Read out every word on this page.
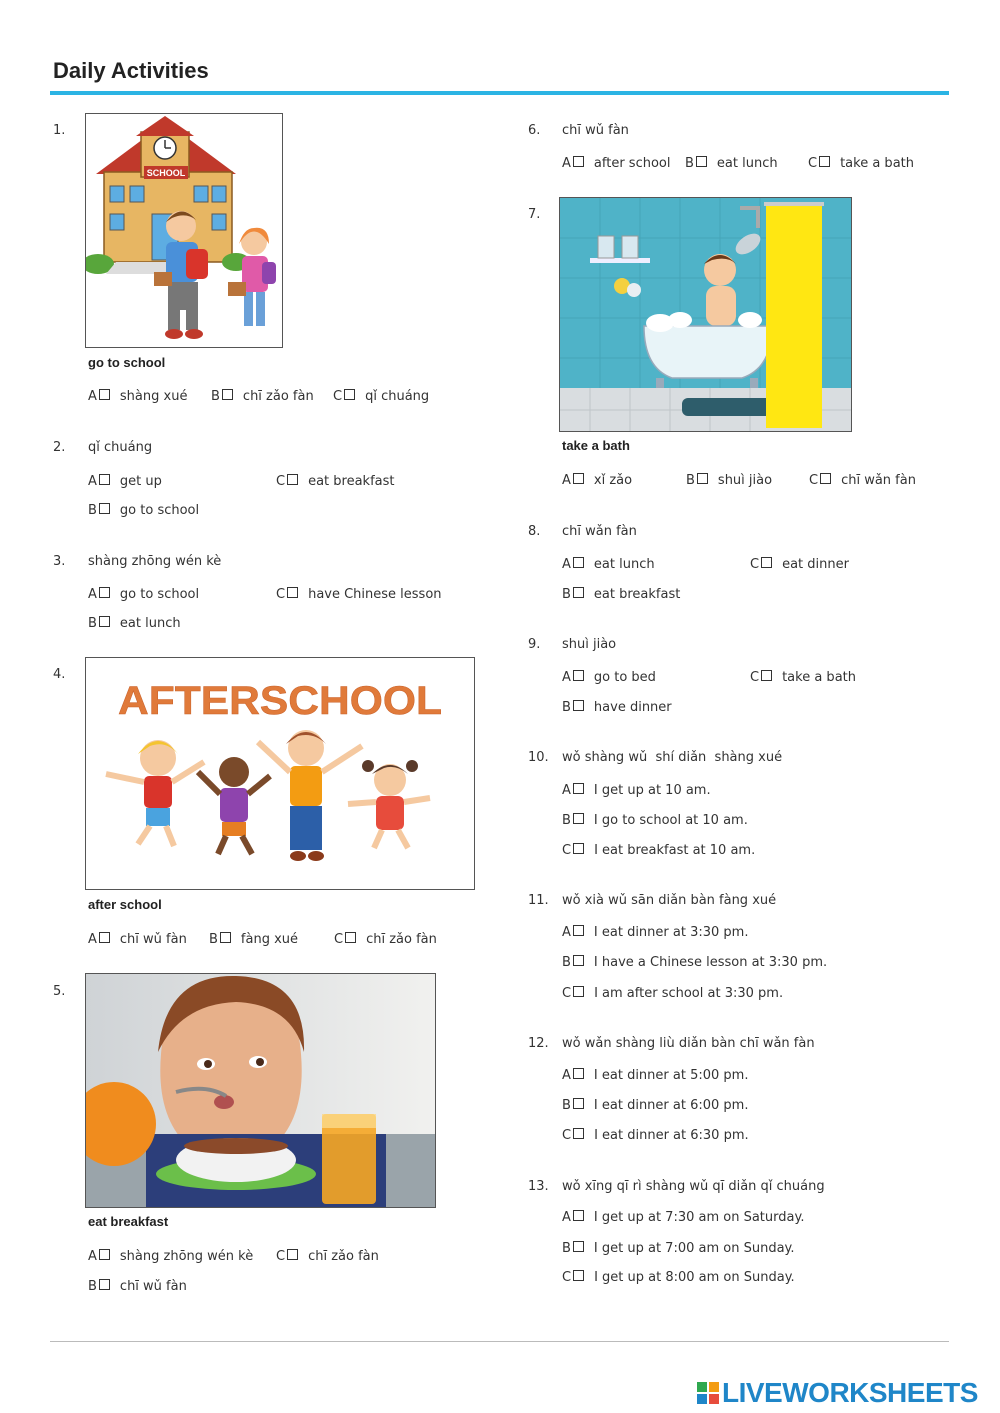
Daily Activities
1.
SCHOOL
go to school
A shàng xué B chī zǎo fàn C qǐ chuáng
2. qǐ chuáng
A get up	C eat breakfast
B go to school
3. shàng zhōng wén kè
A go to school	C have Chinese lesson
B eat lunch
4.
AFTERSCHOOL
after school
A chī wǔ fàn B fàng xué	C chī zǎo fàn
5.
eat breakfast
A shàng zhōng wén kè C chī zǎo fàn
B chī wǔ fàn
6. chī wǔ fàn
A after school B eat lunch C take a bath
7.
take a bath
A xǐ zǎo	B shuì jiào	C chī wǎn fàn
8. chī wǎn fàn
A eat lunch	C eat dinner
B eat breakfast
9. shuì jiào
A go to bed	C take a bath
B have dinner
10. wǒ shàng wǔ  shí diǎn  shàng xué
A I get up at 10 am.
B I go to school at 10 am.
C I eat breakfast at 10 am.
11. wǒ xià wǔ sān diǎn bàn fàng xué
A I eat dinner at 3:30 pm.
B I have a Chinese lesson at 3:30 pm.
C I am after school at 3:30 pm.
12. wǒ wǎn shàng liù diǎn bàn chī wǎn fàn
A I eat dinner at 5:00 pm.
B I eat dinner at 6:00 pm.
C I eat dinner at 6:30 pm.
13. wǒ xīng qī rì shàng wǔ qī diǎn qǐ chuáng
A I get up at 7:30 am on Saturday.
B I get up at 7:00 am on Sunday.
C I get up at 8:00 am on Sunday.
LIVEWORKSHEETS
